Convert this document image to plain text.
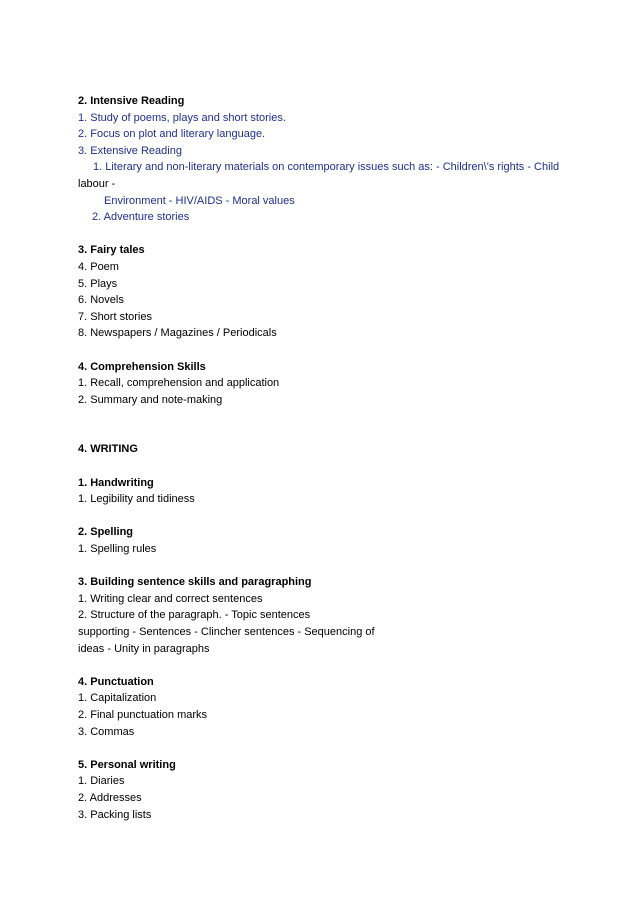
2. Intensive Reading
1. Study of poems, plays and short stories.
2. Focus on plot and literary language.
3. Extensive Reading
1. Literary and non-literary materials on contemporary issues such as: - Children\'s rights - Child
labour -
Environment - HIV/AIDS - Moral values
2. Adventure stories
3. Fairy tales
4. Poem
5. Plays
6. Novels
7. Short stories
8. Newspapers / Magazines / Periodicals
4. Comprehension Skills
1. Recall, comprehension and application
2. Summary and note-making
4. WRITING
1. Handwriting
1. Legibility and tidiness
2. Spelling
1. Spelling rules
3. Building sentence skills and paragraphing
1. Writing clear and correct sentences
2. Structure of the paragraph. - Topic sentences
supporting - Sentences - Clincher sentences - Sequencing of
ideas - Unity in paragraphs
4. Punctuation
1. Capitalization
2. Final punctuation marks
3. Commas
5. Personal writing
1. Diaries
2. Addresses
3. Packing lists
